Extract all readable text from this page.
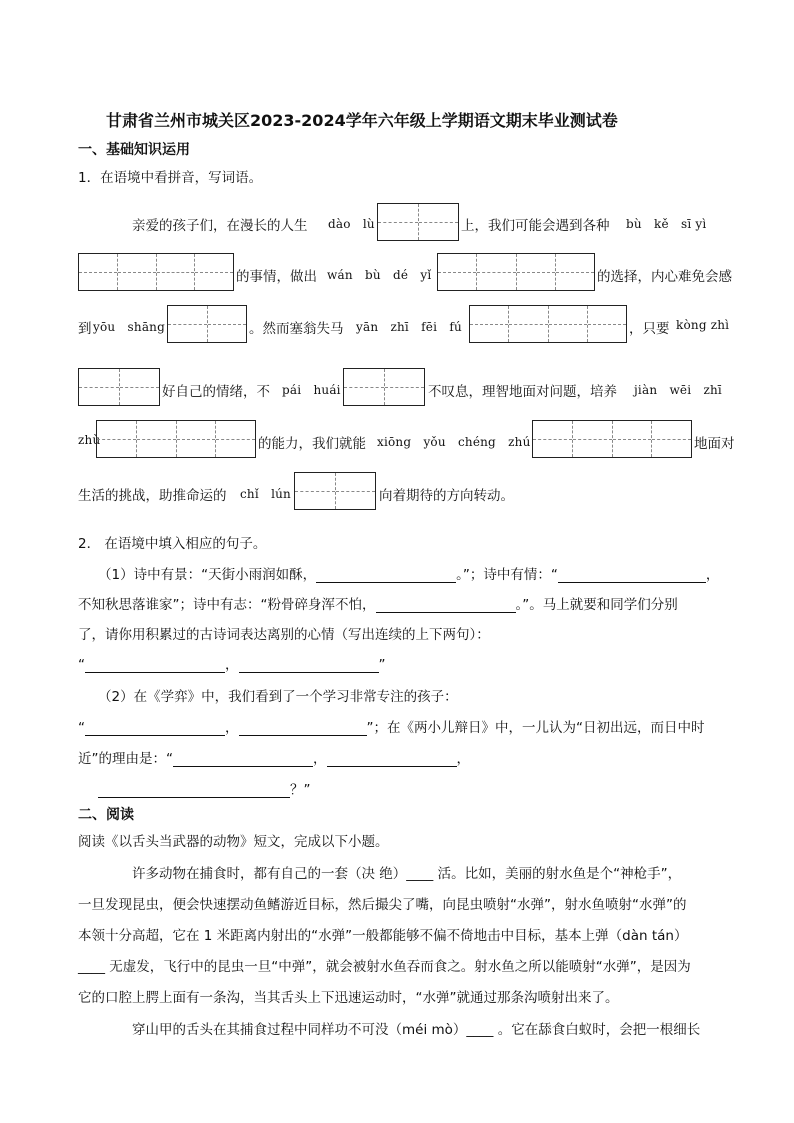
甘肃省兰州市城关区2023-2024学年六年级上学期语文期末毕业测试卷
一、基础知识运用
1．在语境中看拼音，写词语。
亲爱的孩子们，在漫长的人生 dào　lù	上，我们可能会遇到各种 bù　kě　sī yì
的事情，做出 wán　bù　dé　yǐ	的选择，内心难免会感
到 yōu　shāng	。然而塞翁失马 yān　zhī　fēi　fú	，只要 kòng zhì
好自己的情绪，不 pái　huái	不叹息，理智地面对问题，培养 jiàn　wēi　zhī
zhù	的能力，我们就能 xiōng　yǒu　chéng　zhú	地面对
生活的挑战，助推命运的 chǐ　lún	向着期待的方向转动。
2． 在语境中填入相应的句子。
（1）诗中有景：“天街小雨润如酥，	。”；诗中有情：“	，
不知秋思落谁家”；诗中有志：“粉骨碎身浑不怕，	。”。马上就要和同学们分别
了，请你用积累过的古诗词表达离别的心情（写出连续的上下两句）：
“	，	”
（2）在《学弈》中，我们看到了一个学习非常专注的孩子：
“	，	”；在《两小儿辩日》中，一儿认为“日初出远，而日中时
近”的理由是：“	，	，
？”
二、阅读
阅读《以舌头当武器的动物》短文，完成以下小题。
许多动物在捕食时，都有自己的一套（决 绝）____ 活。比如，美丽的射水鱼是个“神枪手”，
一旦发现昆虫，便会快速摆动鱼鳍游近目标，然后撮尖了嘴，向昆虫喷射“水弹”，射水鱼喷射“水弹”的
本领十分高超，它在 1 米距离内射出的“水弹”一般都能够不偏不倚地击中目标，基本上弹（dàn tán）
____ 无虚发，飞行中的昆虫一旦“中弹”，就会被射水鱼吞而食之。射水鱼之所以能喷射“水弹”，是因为
它的口腔上腭上面有一条沟，当其舌头上下迅速运动时，“水弹”就通过那条沟喷射出来了。
穿山甲的舌头在其捕食过程中同样功不可没（méi mò）____ 。它在舔食白蚁时，会把一根细长
